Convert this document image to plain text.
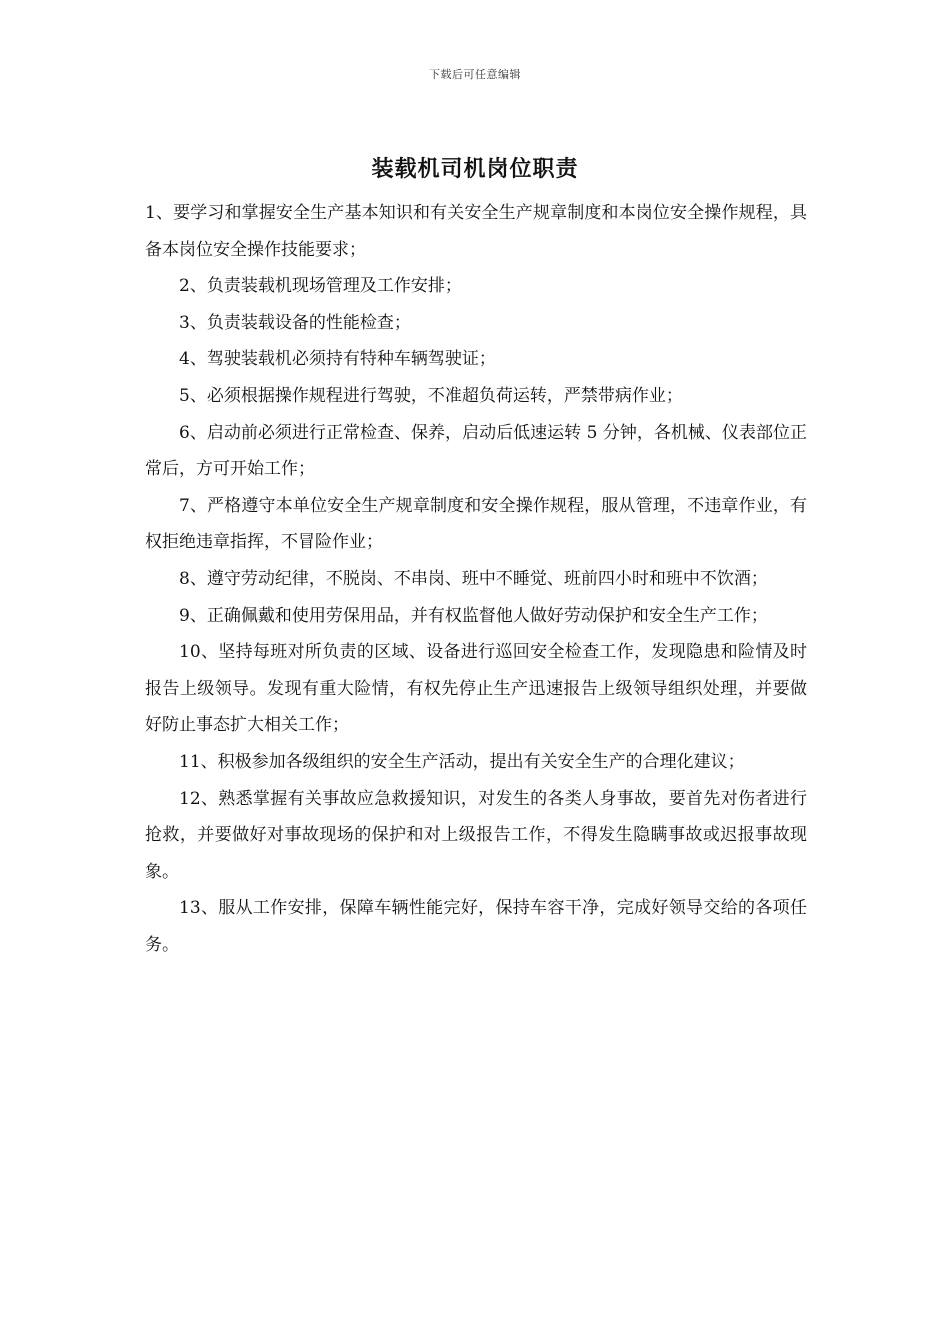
下载后可任意编辑
装载机司机岗位职责

1、要学习和掌握安全生产基本知识和有关安全生产规章制度和本岗位安全操作规程，具备本岗位安全操作技能要求；

2、负责装载机现场管理及工作安排；

3、负责装载设备的性能检查；

4、驾驶装载机必须持有特种车辆驾驶证；

5、必须根据操作规程进行驾驶，不准超负荷运转，严禁带病作业；

6、启动前必须进行正常检查、保养，启动后低速运转 5 分钟，各机械、仪表部位正常后，方可开始工作；

7、严格遵守本单位安全生产规章制度和安全操作规程，服从管理，不违章作业，有权拒绝违章指挥，不冒险作业；

8、遵守劳动纪律，不脱岗、不串岗、班中不睡觉、班前四小时和班中不饮酒；

9、正确佩戴和使用劳保用品，并有权监督他人做好劳动保护和安全生产工作；

10、坚持每班对所负责的区域、设备进行巡回安全检查工作，发现隐患和险情及时报告上级领导。发现有重大险情，有权先停止生产迅速报告上级领导组织处理，并要做好防止事态扩大相关工作；

11、积极参加各级组织的安全生产活动，提出有关安全生产的合理化建议；

12、熟悉掌握有关事故应急救援知识，对发生的各类人身事故，要首先对伤者进行抢救，并要做好对事故现场的保护和对上级报告工作，不得发生隐瞒事故或迟报事故现象。

13、服从工作安排，保障车辆性能完好，保持车容干净，完成好领导交给的各项任务。
